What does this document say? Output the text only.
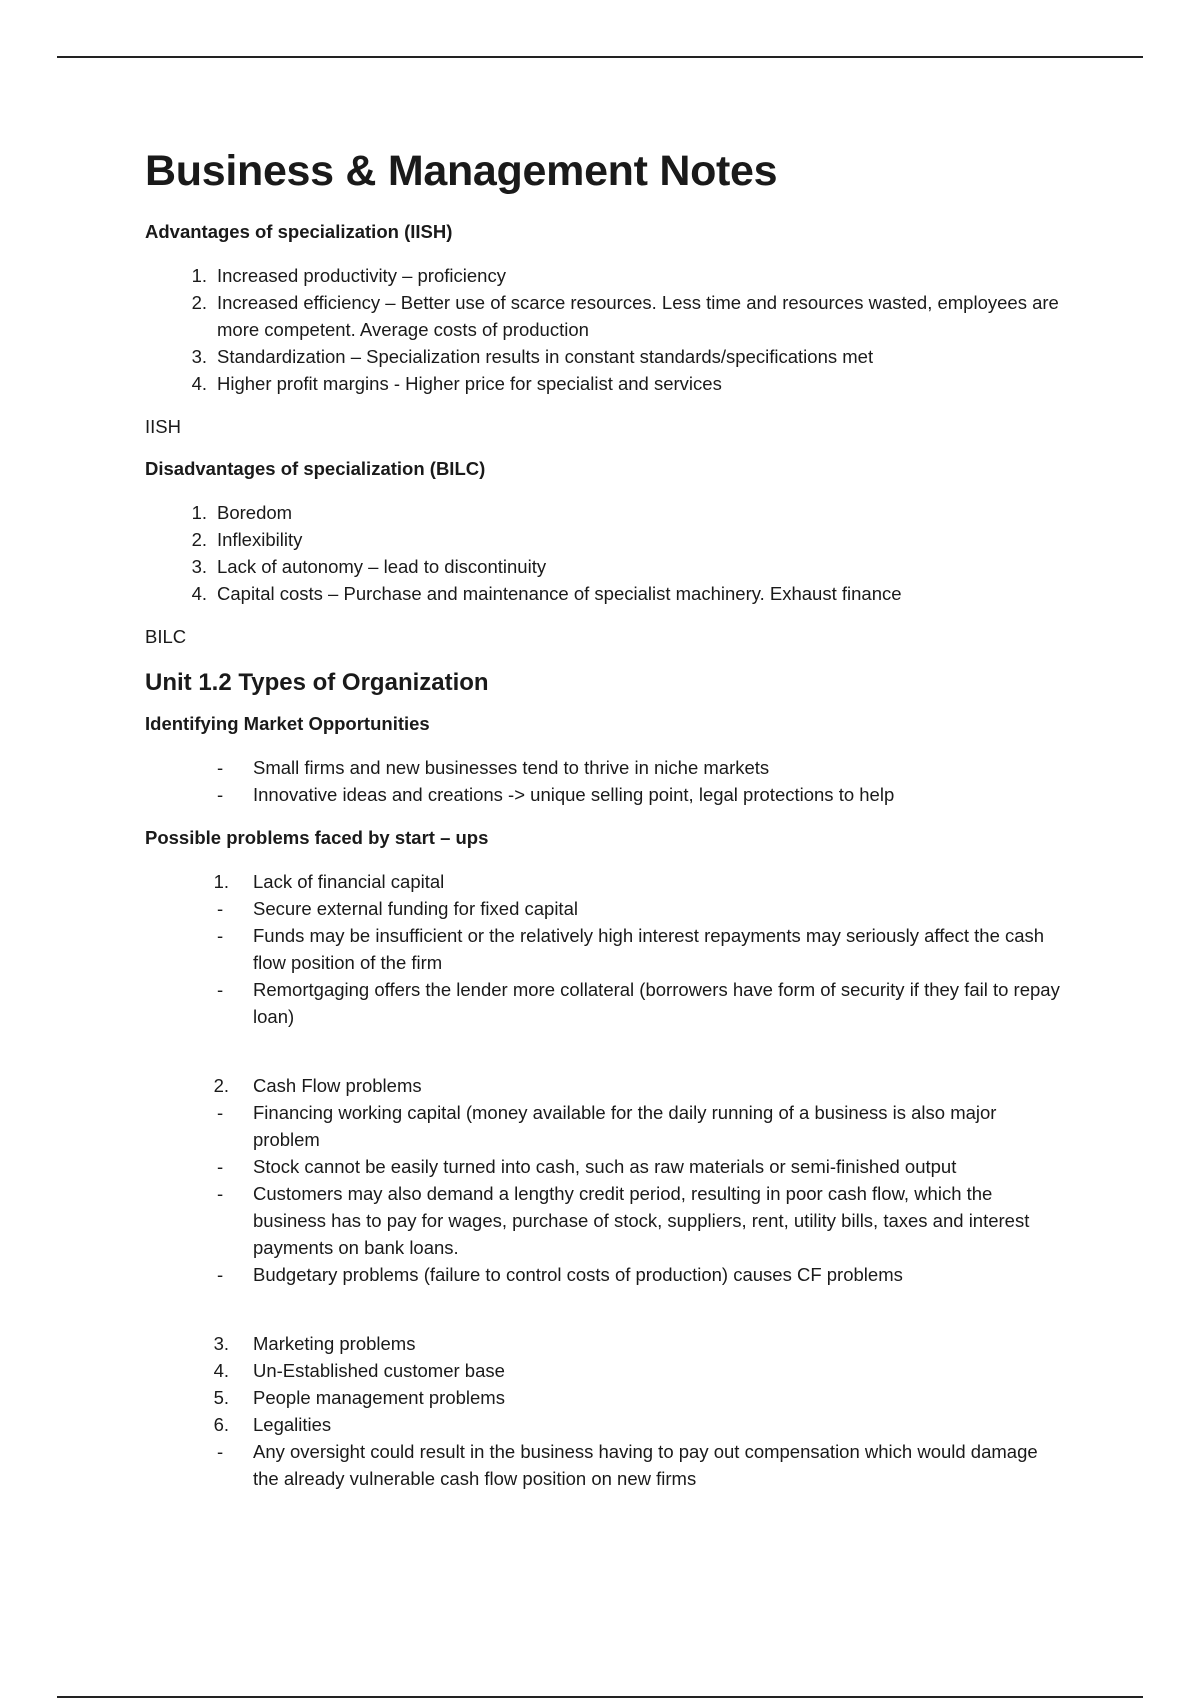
Business & Management Notes
Advantages of specialization (IISH)
1. Increased productivity – proficiency
2. Increased efficiency – Better use of scarce resources. Less time and resources wasted, employees are more competent. Average costs of production
3. Standardization – Specialization results in constant standards/specifications met
4. Higher profit margins - Higher price for specialist and services
IISH
Disadvantages of specialization (BILC)
1. Boredom
2. Inflexibility
3. Lack of autonomy – lead to discontinuity
4. Capital costs – Purchase and maintenance of specialist machinery. Exhaust finance
BILC
Unit 1.2 Types of Organization
Identifying Market Opportunities
-	Small firms and new businesses tend to thrive in niche markets
-	Innovative ideas and creations -> unique selling point, legal protections to help
Possible problems faced by start – ups
1.	Lack of financial capital
-	Secure external funding for fixed capital
-	Funds may be insufficient or the relatively high interest repayments may seriously affect the cash flow position of the firm
-	Remortgaging offers the lender more collateral (borrowers have form of security if they fail to repay loan)
2.	Cash Flow problems
-	Financing working capital (money available for the daily running of a business is also major problem
-	Stock cannot be easily turned into cash, such as raw materials or semi-finished output
-	Customers may also demand a lengthy credit period, resulting in poor cash flow, which the business has to pay for wages, purchase of stock, suppliers, rent, utility bills, taxes and interest payments on bank loans.
-	Budgetary problems (failure to control costs of production) causes CF problems
3.	Marketing problems
4.	Un-Established customer base
5.	People management problems
6.	Legalities
-	Any oversight could result in the business having to pay out compensation which would damage the already vulnerable cash flow position on new firms
